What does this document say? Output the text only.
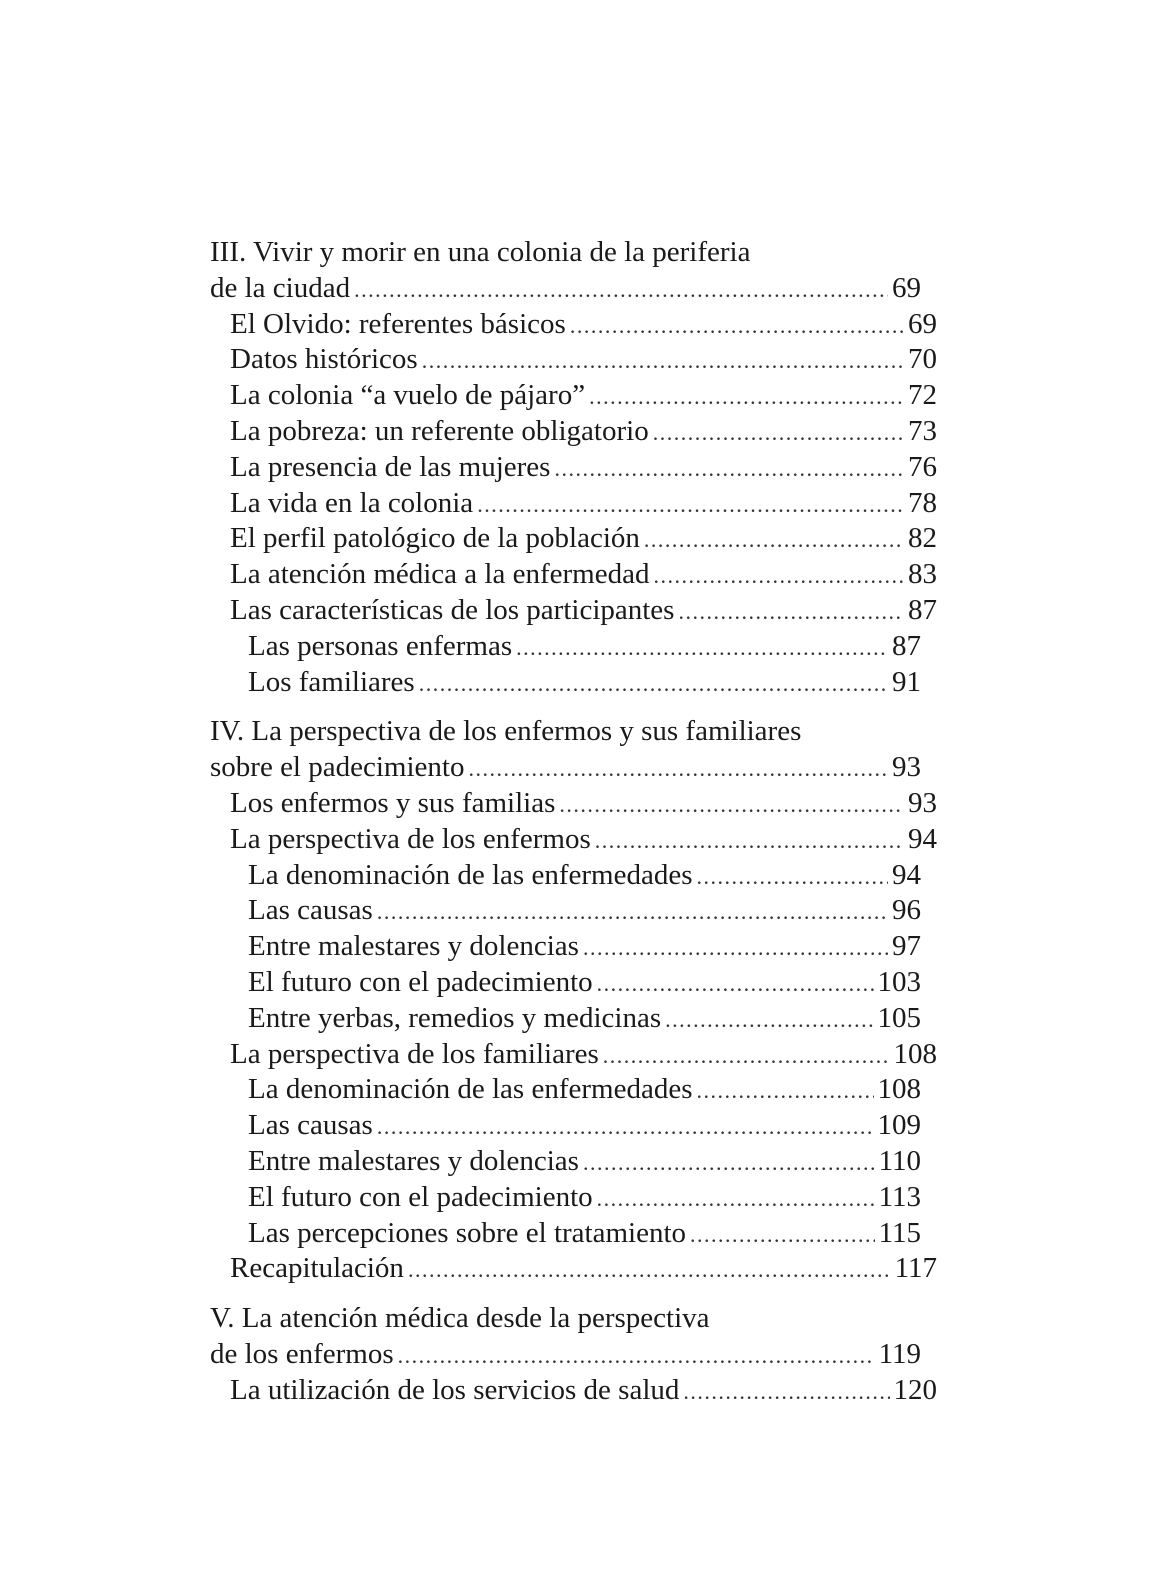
III. Vivir y morir en una colonia de la periferia
de la ciudad .....	69
El Olvido: referentes básicos .....	69
Datos históricos .....	70
La colonia “a vuelo de pájaro” .....	72
La pobreza: un referente obligatorio .....	73
La presencia de las mujeres .....	76
La vida en la colonia .....	78
El perfil patológico de la población .....	82
La atención médica a la enfermedad .....	83
Las características de los participantes .....	87
Las personas enfermas .....	87
Los familiares .....	91
IV. La perspectiva de los enfermos y sus familiares
sobre el padecimiento .....	93
Los enfermos y sus familias .....	93
La perspectiva de los enfermos .....	94
La denominación de las enfermedades .....	94
Las causas .....	96
Entre malestares y dolencias .....	97
El futuro con el padecimiento .....	103
Entre yerbas, remedios y medicinas .....	105
La perspectiva de los familiares .....	108
La denominación de las enfermedades .....	108
Las causas .....	109
Entre malestares y dolencias .....	110
El futuro con el padecimiento .....	113
Las percepciones sobre el tratamiento .....	115
Recapitulación .....	117
V. La atención médica desde la perspectiva
de los enfermos .....	119
La utilización de los servicios de salud .....	120
